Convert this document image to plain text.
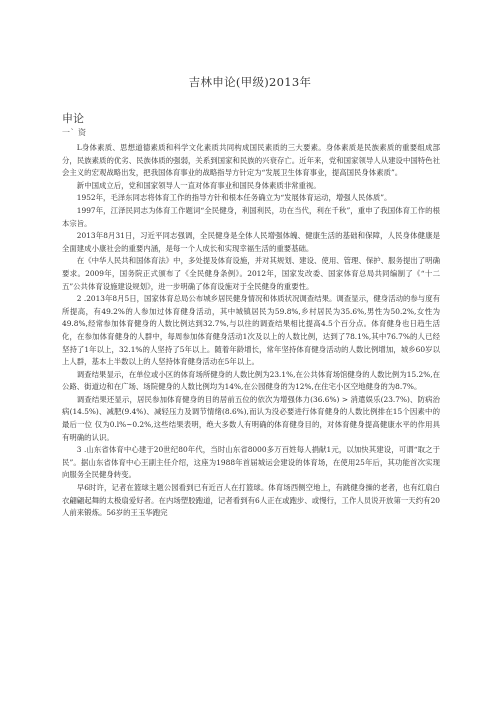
吉林申论(甲级)2013年
申论
一` 资

L身体素质、思想道德素质和科学文化素质共同构成国民素质的三大要素。身体素质是民族素质的重要组成部分，民族素质的优劣、民族体质的强弱，关系到国家和民族的兴衰存亡。近年来，党和国家领导人从建设中国特色社会主义的宏观战略出发，把我国体育事业的战略指导方针定为“发展卫生体育事业，提高国民身体素质”。

新中国成立后，党和国家领导人一直对体育事业和国民身体素质非常重视。

1952年，毛泽东同志将体育工作的指导方针和根本任务确立为“发展体育运动，增强人民体质”。

1997年，江泽民同志为体育工作题词“全民健身，利国利民，功在当代，利在千秋”，重申了我国体育工作的根本宗旨。

2013年8月31日，习近平同志强调，全民健身是全体人民增强体魄、健康生活的基础和保障，人民身体健康是全面建成小康社会的重要内涵，是每一个人成长和实现幸福生活的重要基础。

在《中华人民共和国体育法》中，多处提及体育设施，并对其规划、建设、使用、管理、保护、服务提出了明确要求。2009年，国务院正式颁布了《全民健身条例》。2012年，国家发改委、国家体育总局共同编制了《“十二五”公共体育设施建设规划》，进一步明确了体育设施对于全民健身的重要性。

2 .2013年8月5日，国家体育总局公布城乡居民健身情况和体质状况调查结果。调查显示，健身活动的参与度有所提高，有49.2%的人参加过体育健身活动，其中城镇居民为59.8%,乡村居民为35.6%,男性为50.2%,女性为49.8%,经常参加体育健身的人数比例达到32.7%,与以往的调查结果相比提高4.5个百分点。体育健身也日趋生活化，在参加体育健身的人群中，每周参加体育健身活动1次及以上的人数比例，达到了78.1%,其中76.7%的人已经坚持了1年以上，32.1%的人坚持了5年以上。随着年龄增长，常年坚持体育健身活动的人数比例增加，城乡60岁以上人群，基本上半数以上的人坚持体育健身活动在5年以上。

调查结果显示，在单位或小区的体育场所健身的人数比例为23.1%,在公共体育场馆健身的人数比例为15.2%,在公路、街道边和在广场、场院健身的人数比例均为14%,在公园健身的为12%,在住宅小区空地健身的为8.7%。

调查结果还显示，居民参加体育健身的目的居前五位的依次为增强体力(36.6%) > 消遣娱乐(23.7%)、防病治病(14.5%)、减肥(9.4%)、减轻压力及调节情绪(8.6%),而认为没必要进行体育健身的人数比例排在15个因素中的最后一位 仅为0.l%~0.2%,这些结果表明，绝大多数人有明确的体育健身目的，对体育健身提高健康水平的作用具有明确的认识。

3 .山东省体育中心建于20世纪80年代，当时山东省8000多万百姓每人捐献1元，以加快其建设，可谓“取之于民”。据山东省体育中心王副主任介绍，这座为1988年首届城运会建设的体育场，在使用25年后，其功能首次实现向服务全民健身转变。

早6时许，记者在篮球主题公园看到已有近百人在打篮球。体育场西侧空地上，有跳健身操的老者，也有红扇白衣翩翩起舞的太极扇爱好者。在内场塑胶跑道，记者看到有6人正在或跑步、或慢行，工作人员说开放第一天约有20人前来锻炼。56岁的王玉华跑完
